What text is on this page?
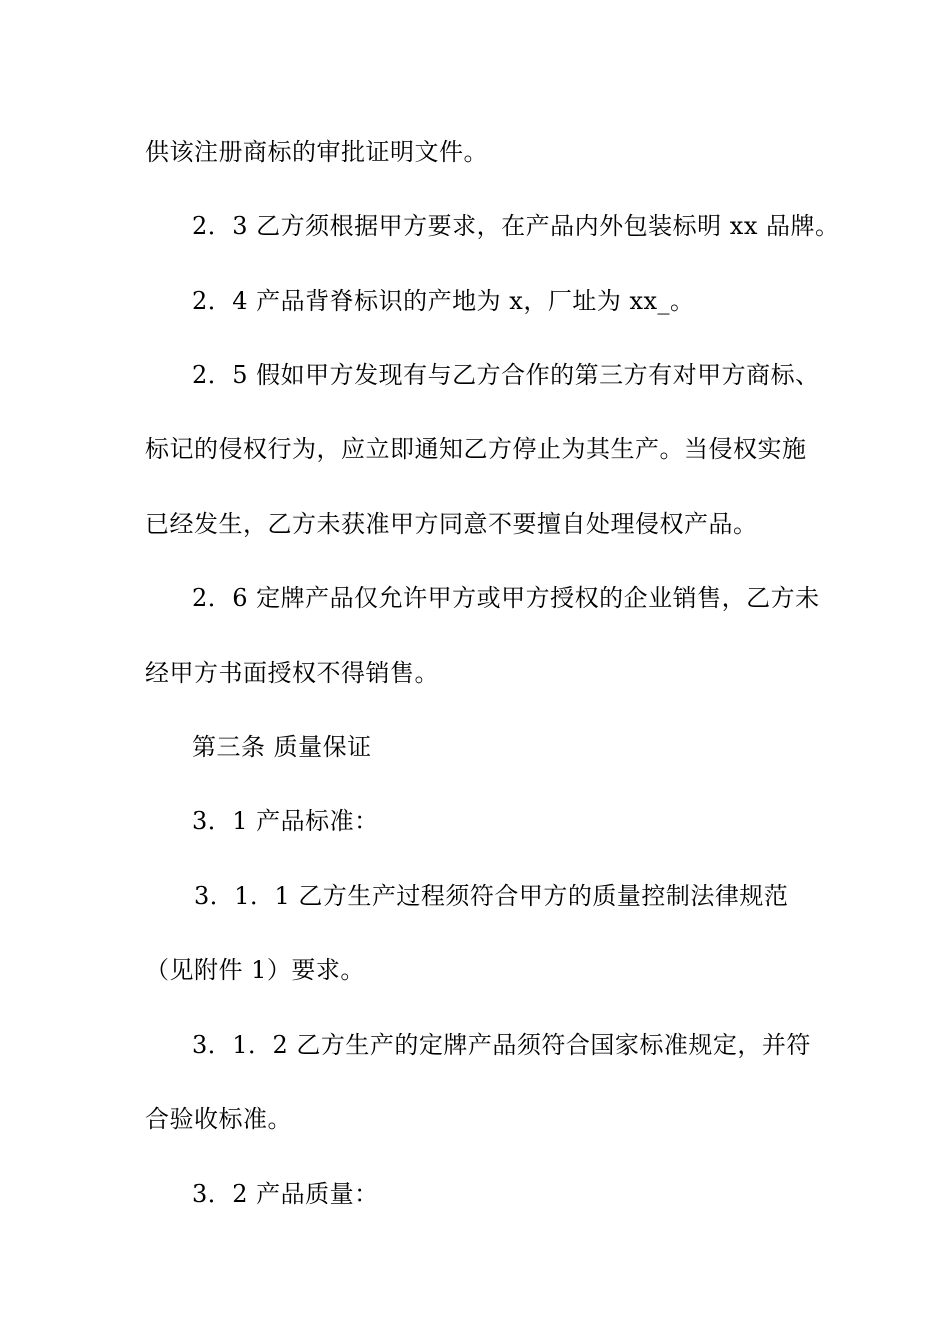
供该注册商标的审批证明文件。
2．3 乙方须根据甲方要求，在产品内外包装标明 xx 品牌。
2．4 产品背脊标识的产地为 x，厂址为 xx_。
2．5 假如甲方发现有与乙方合作的第三方有对甲方商标、
标记的侵权行为，应立即通知乙方停止为其生产。当侵权实施
已经发生，乙方未获准甲方同意不要擅自处理侵权产品。
2．6 定牌产品仅允许甲方或甲方授权的企业销售，乙方未
经甲方书面授权不得销售。
第三条 质量保证
3．1 产品标准：
3．1．1 乙方生产过程须符合甲方的质量控制法律规范
（见附件 1）要求。
3．1．2 乙方生产的定牌产品须符合国家标准规定，并符
合验收标准。
3．2 产品质量：
